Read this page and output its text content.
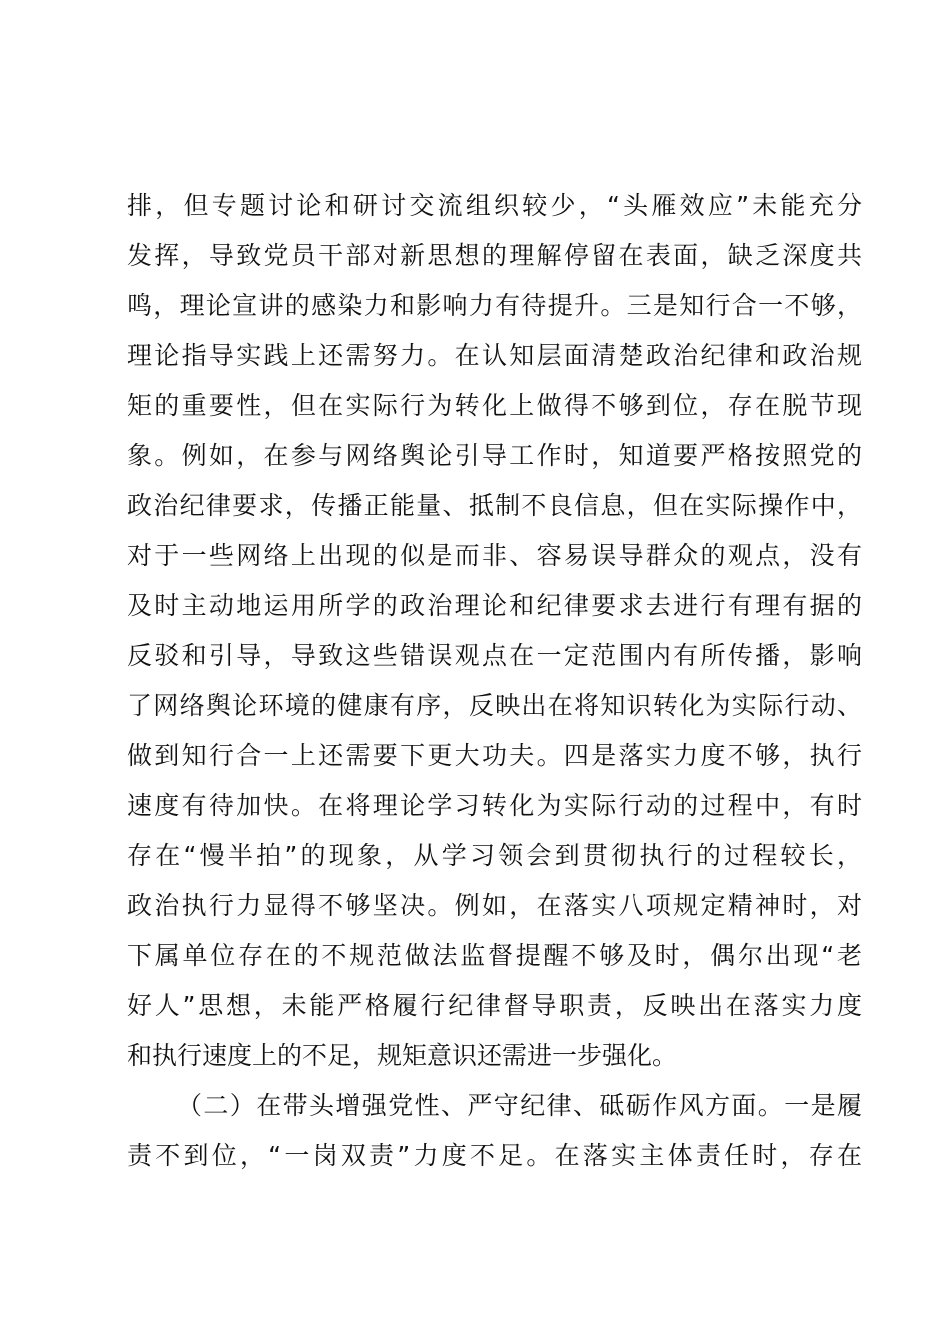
排，但专题讨论和研讨交流组织较少，“头雁效应”未能充分
发挥，导致党员干部对新思想的理解停留在表面，缺乏深度共
鸣，理论宣讲的感染力和影响力有待提升。三是知行合一不够，
理论指导实践上还需努力。在认知层面清楚政治纪律和政治规
矩的重要性，但在实际行为转化上做得不够到位，存在脱节现
象。例如，在参与网络舆论引导工作时，知道要严格按照党的
政治纪律要求，传播正能量、抵制不良信息，但在实际操作中，
对于一些网络上出现的似是而非、容易误导群众的观点，没有
及时主动地运用所学的政治理论和纪律要求去进行有理有据的
反驳和引导，导致这些错误观点在一定范围内有所传播，影响
了网络舆论环境的健康有序，反映出在将知识转化为实际行动、
做到知行合一上还需要下更大功夫。四是落实力度不够，执行
速度有待加快。在将理论学习转化为实际行动的过程中，有时
存在“慢半拍”的现象，从学习领会到贯彻执行的过程较长，
政治执行力显得不够坚决。例如，在落实八项规定精神时，对
下属单位存在的不规范做法监督提醒不够及时，偶尔出现“老
好人”思想，未能严格履行纪律督导职责，反映出在落实力度
和执行速度上的不足，规矩意识还需进一步强化。
（二）在带头增强党性、严守纪律、砥砺作风方面。一是履
责不到位，“一岗双责”力度不足。在落实主体责任时，存在
